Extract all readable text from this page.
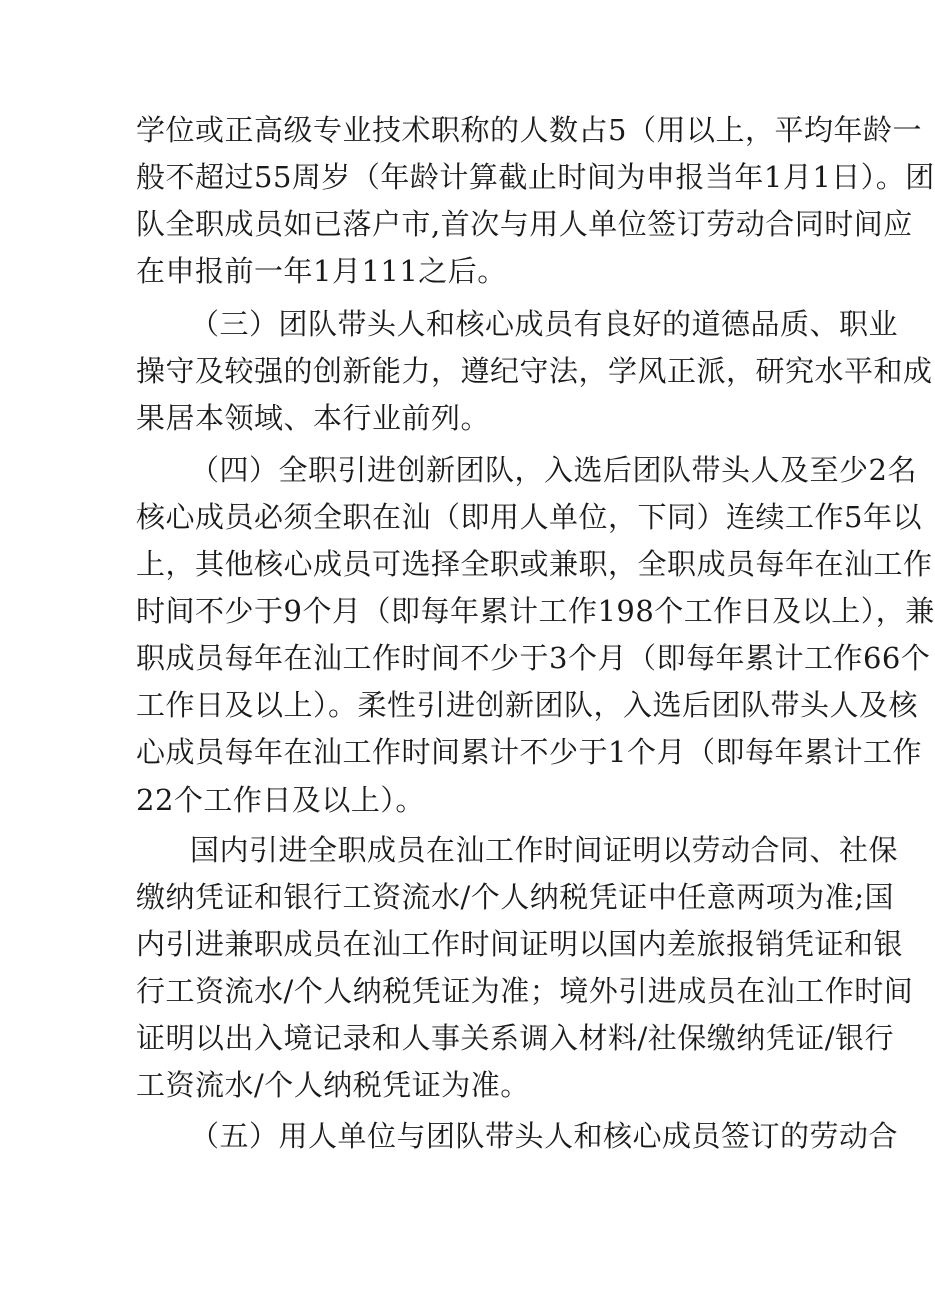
学位或正高级专业技术职称的人数占5（用以上，平均年龄一
般不超过55周岁（年龄计算截止时间为申报当年1月1日）。团
队全职成员如已落户市,首次与用人单位签订劳动合同时间应
在申报前一年1月111之后。
（三）团队带头人和核心成员有良好的道德品质、职业
操守及较强的创新能力，遵纪守法，学风正派，研究水平和成
果居本领域、本行业前列。
（四）全职引进创新团队，入选后团队带头人及至少2名
核心成员必须全职在汕（即用人单位，下同）连续工作5年以
上，其他核心成员可选择全职或兼职，全职成员每年在汕工作
时间不少于9个月（即每年累计工作198个工作日及以上），兼
职成员每年在汕工作时间不少于3个月（即每年累计工作66个
工作日及以上）。柔性引进创新团队，入选后团队带头人及核
心成员每年在汕工作时间累计不少于1个月（即每年累计工作
22个工作日及以上）。
国内引进全职成员在汕工作时间证明以劳动合同、社保
缴纳凭证和银行工资流水/个人纳税凭证中任意两项为准;国
内引进兼职成员在汕工作时间证明以国内差旅报销凭证和银
行工资流水/个人纳税凭证为准；境外引进成员在汕工作时间
证明以出入境记录和人事关系调入材料/社保缴纳凭证/银行
工资流水/个人纳税凭证为准。
（五）用人单位与团队带头人和核心成员签订的劳动合
